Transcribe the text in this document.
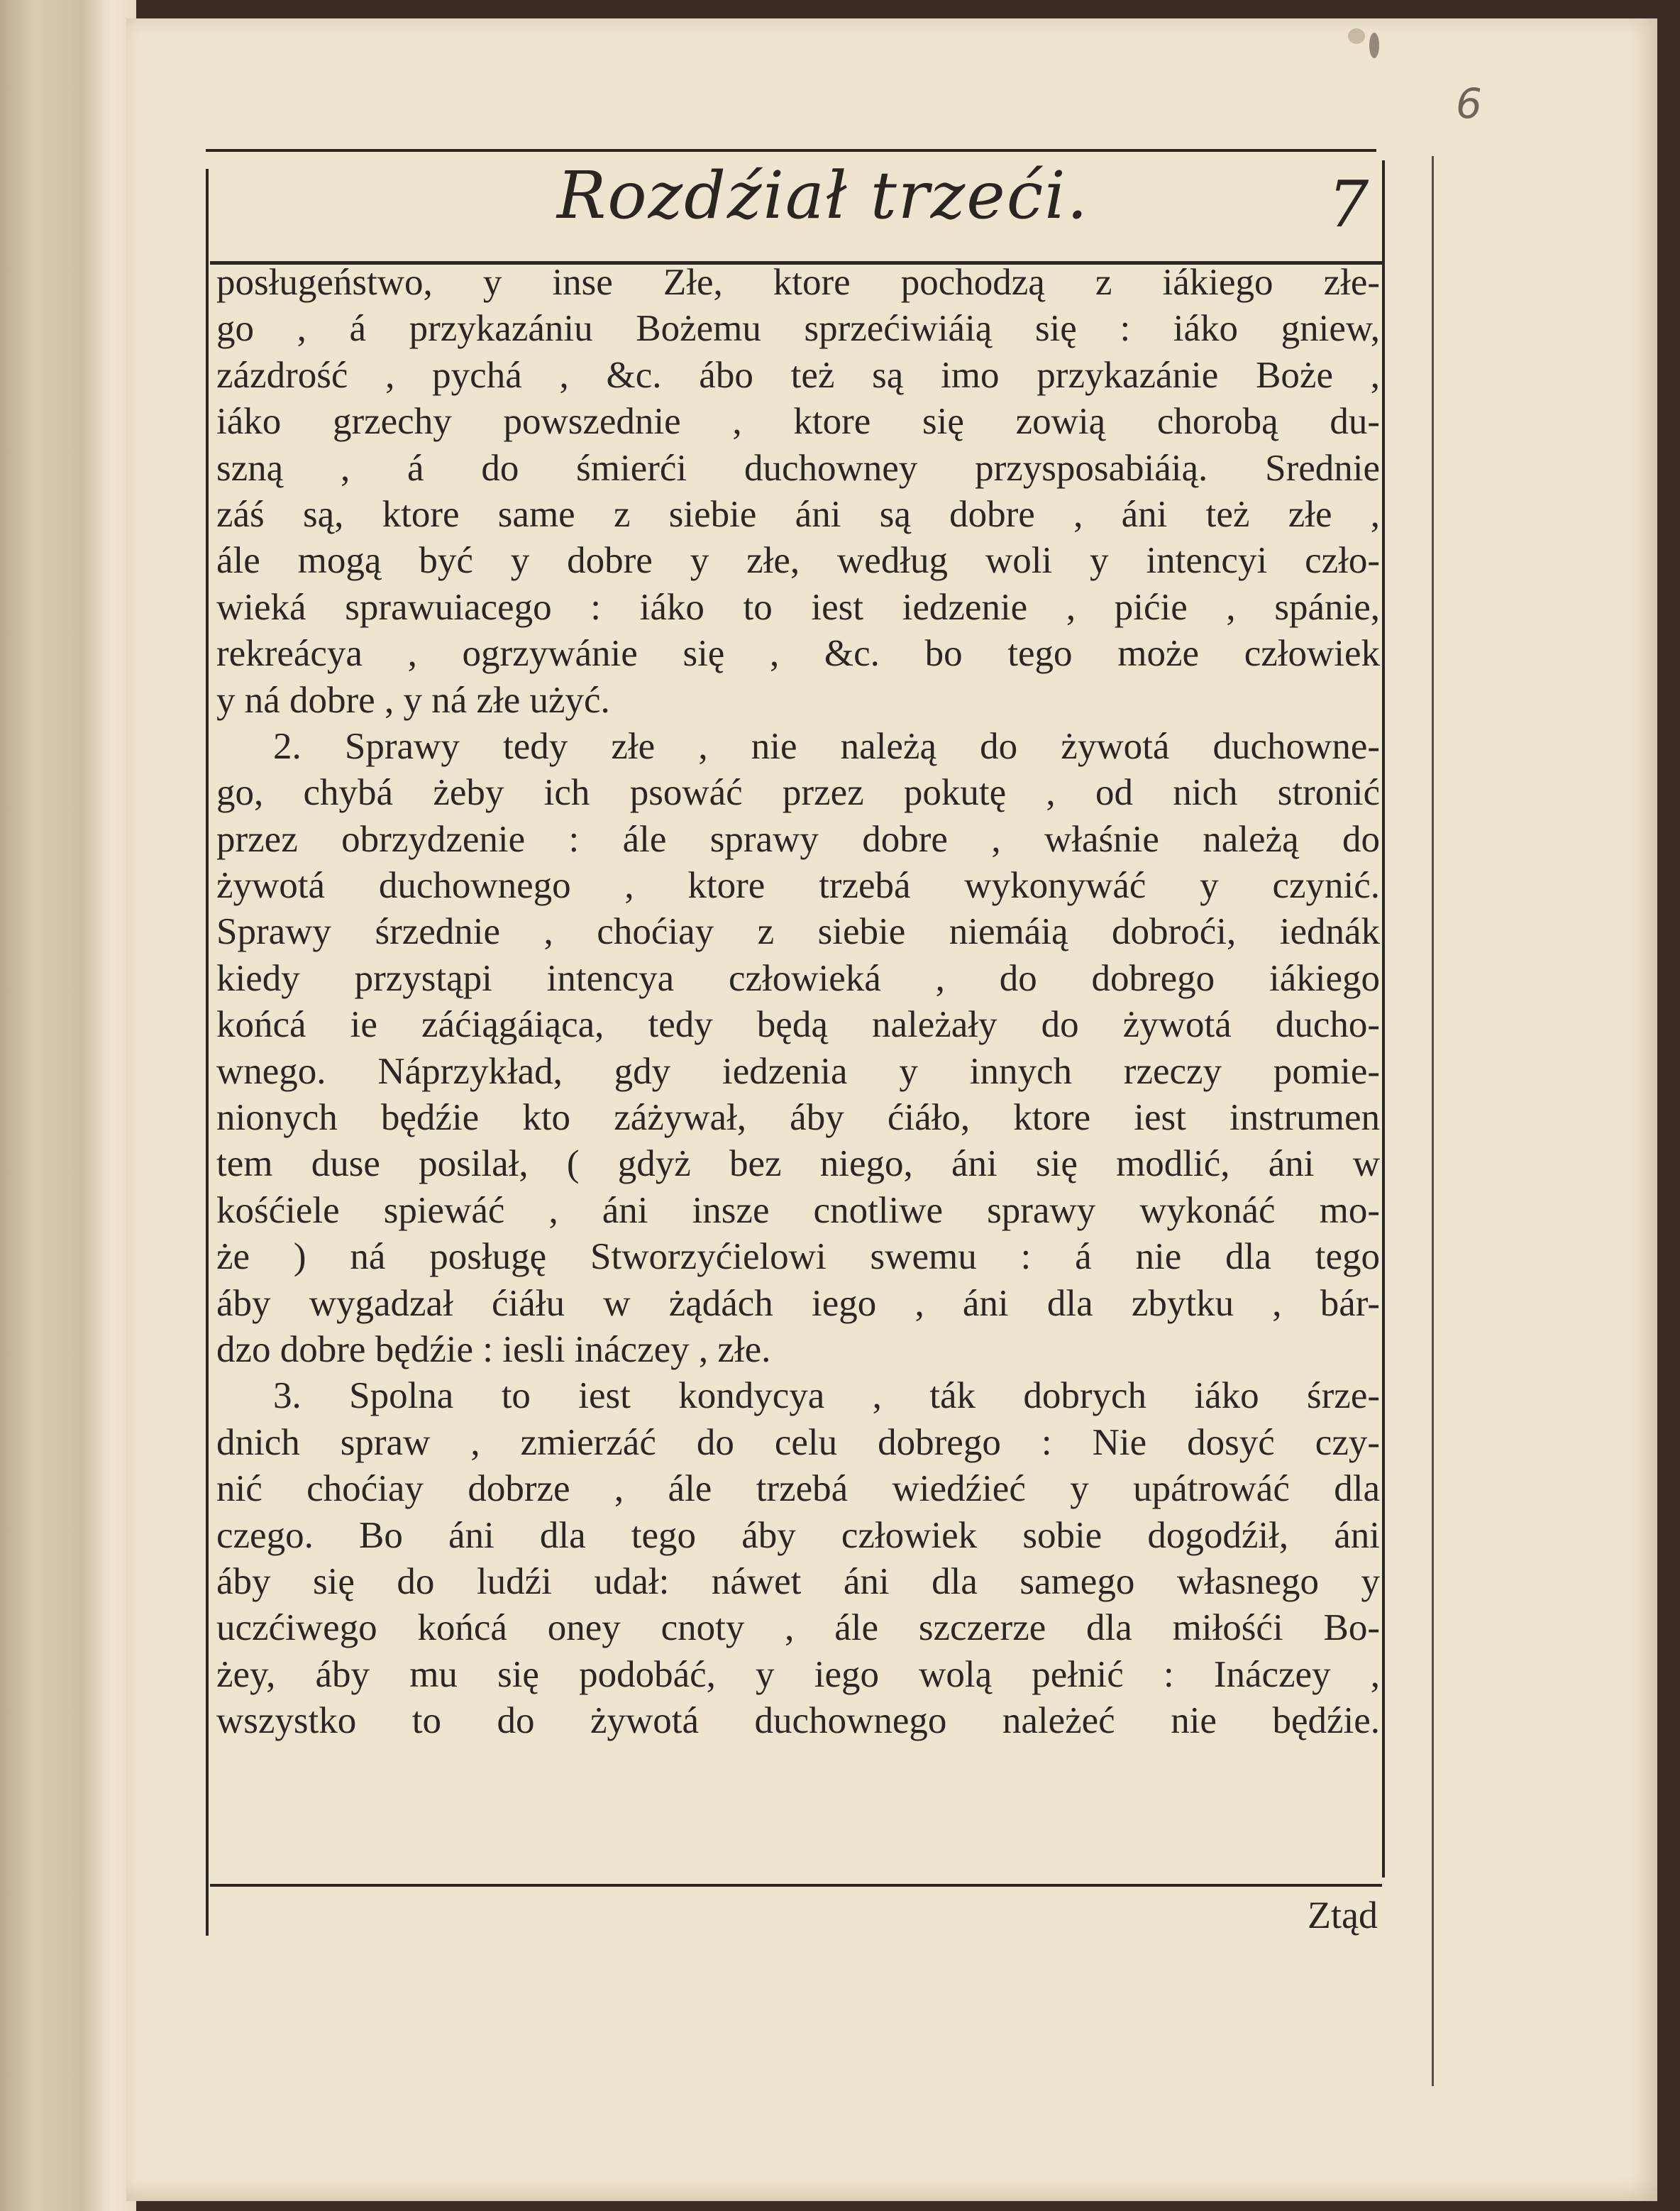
6
Rozdźiał trzeći.	7
posługeństwo, y inse Złe, ktore pochodzą z iákiego złe-
go , á przykazániu Bożemu sprzećiwiáią się : iáko gniew,
zázdrość , pychá , &c. ábo też są imo przykazánie Boże ,
iáko grzechy powszednie , ktore się zowią chorobą du-
szną , á do śmierći duchowney przysposabiáią. Srednie
záś są, ktore same z siebie áni są dobre , áni też złe ,
ále mogą być y dobre y złe, według woli y intencyi czło-
wieká sprawuiacego : iáko to iest iedzenie , pićie , spánie,
rekreácya , ogrzywánie się , &c. bo tego może człowiek
y ná dobre , y ná złe użyć.
2. Sprawy tedy złe , nie należą do żywotá duchowne-
go, chybá żeby ich psowáć przez pokutę , od nich stronić
przez obrzydzenie : ále sprawy dobre , właśnie należą do
żywotá duchownego , ktore trzebá wykonywáć y czynić.
Sprawy śrzednie , choćiay z siebie niemáią dobroći, iednák
kiedy przystąpi intencya człowieká , do dobrego iákiego
końcá ie záćiągáiąca, tedy będą należały do żywotá ducho-
wnego. Náprzykład, gdy iedzenia y innych rzeczy pomie-
nionych będźie kto záżywał, áby ćiáło, ktore iest instrumen
tem duse posilał, ( gdyż bez niego, áni się modlić, áni w
kośćiele spiewáć , áni insze cnotliwe sprawy wykonáć mo-
że ) ná posługę Stworzyćielowi swemu : á nie dla tego
áby wygadzał ćiáłu w żądách iego , áni dla zbytku , bár-
dzo dobre będźie : iesli ináczey , złe.
3. Spolna to iest kondycya , ták dobrych iáko śrze-
dnich spraw , zmierzáć do celu dobrego : Nie dosyć czy-
nić choćiay dobrze , ále trzebá wiedźieć y upátrowáć dla
czego. Bo áni dla tego áby człowiek sobie dogodźił, áni
áby się do ludźi udał: náwet áni dla samego własnego y
uczćiwego końcá oney cnoty , ále szczerze dla miłośći Bo-
żey, áby mu się podobáć, y iego wolą pełnić : Ináczey ,
wszystko to do żywotá duchownego należeć nie będźie.
Ztąd
